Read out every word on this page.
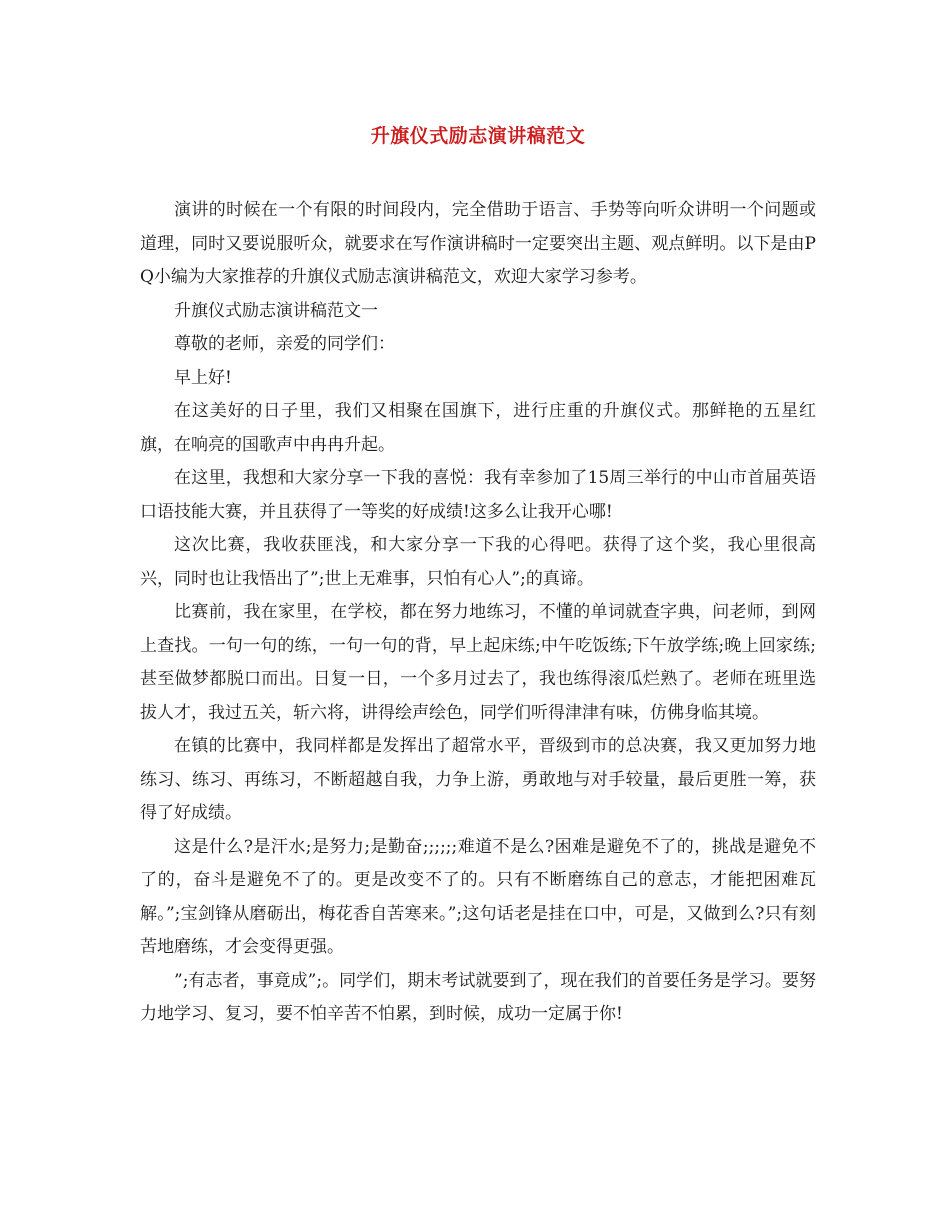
升旗仪式励志演讲稿范文

演讲的时候在一个有限的时间段内，完全借助于语言、手势等向听众讲明一个问题或道理，同时又要说服听众，就要求在写作演讲稿时一定要突出主题、观点鲜明。以下是由PQ小编为大家推荐的升旗仪式励志演讲稿范文，欢迎大家学习参考。

升旗仪式励志演讲稿范文一

尊敬的老师，亲爱的同学们：

早上好!

在这美好的日子里，我们又相聚在国旗下，进行庄重的升旗仪式。那鲜艳的五星红旗，在响亮的国歌声中冉冉升起。

在这里，我想和大家分享一下我的喜悦：我有幸参加了15周三举行的中山市首届英语口语技能大赛，并且获得了一等奖的好成绩!这多么让我开心哪!

这次比赛，我收获匪浅，和大家分享一下我的心得吧。获得了这个奖，我心里很高兴，同时也让我悟出了”;世上无难事，只怕有心人”;的真谛。

比赛前，我在家里，在学校，都在努力地练习，不懂的单词就查字典，问老师，到网上查找。一句一句的练，一句一句的背，早上起床练;中午吃饭练;下午放学练;晚上回家练;甚至做梦都脱口而出。日复一日，一个多月过去了，我也练得滚瓜烂熟了。老师在班里选拔人才，我过五关，斩六将，讲得绘声绘色，同学们听得津津有味，仿佛身临其境。

在镇的比赛中，我同样都是发挥出了超常水平，晋级到市的总决赛，我又更加努力地练习、练习、再练习，不断超越自我，力争上游，勇敢地与对手较量，最后更胜一筹，获得了好成绩。

这是什么?是汗水;是努力;是勤奋;;;;;;难道不是么?困难是避免不了的，挑战是避免不了的，奋斗是避免不了的。更是改变不了的。只有不断磨练自己的意志，才能把困难瓦解。”;宝剑锋从磨砺出，梅花香自苦寒来。”;这句话老是挂在口中，可是，又做到么?只有刻苦地磨练，才会变得更强。

”;有志者，事竟成”;。同学们，期末考试就要到了，现在我们的首要任务是学习。要努力地学习、复习，要不怕辛苦不怕累，到时候，成功一定属于你!
